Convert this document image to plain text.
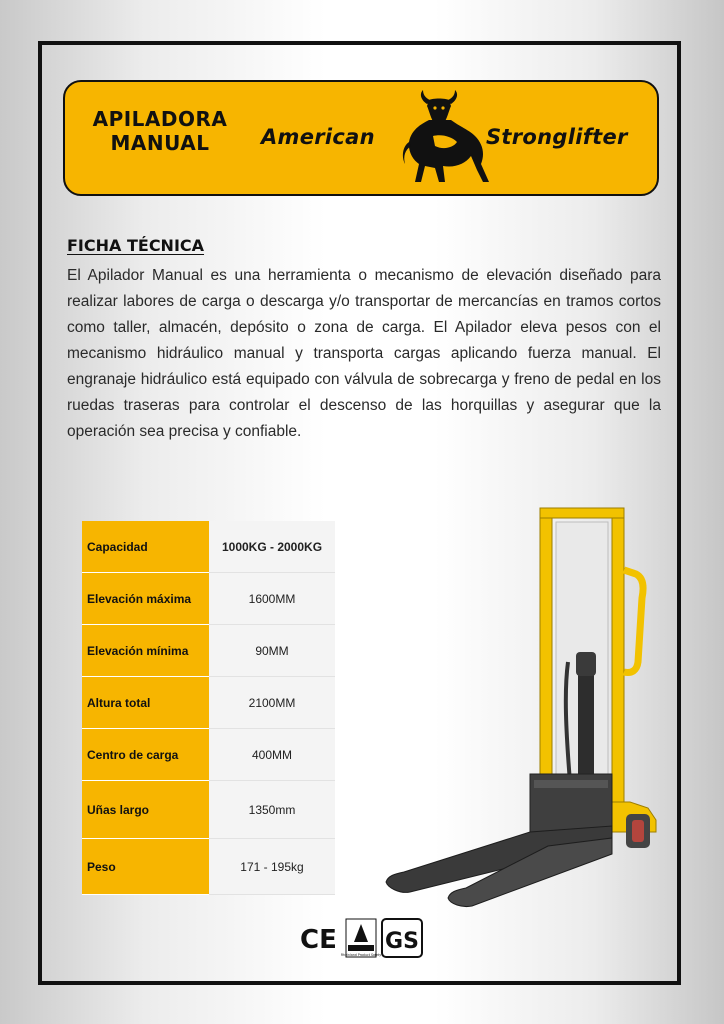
APILADORA
MANUAL	American	Stronglifter
FICHA TÉCNICA
El Apilador Manual es una herramienta o mecanismo de elevación diseñado para realizar labores de carga o descarga y/o transportar de mercancías en tramos cortos como taller, almacén, depósito o zona de carga. El Apilador eleva pesos con el mecanismo hidráulico manual y transporta cargas aplicando fuerza manual. El engranaje hidráulico está equipado con válvula de sobrecarga y freno de pedal en los ruedas traseras para controlar el descenso de las horquillas y asegurar que la operación sea precisa y confiable.
Capacidad	1000KG - 2000KG
Elevación máxima	1600MM
Elevación mínima	90MM
Altura total	2100MM
Centro de carga	400MM
Uñas largo	1350mm
Peso	171 - 195kg
CE Rheinland Product Safety
GS
